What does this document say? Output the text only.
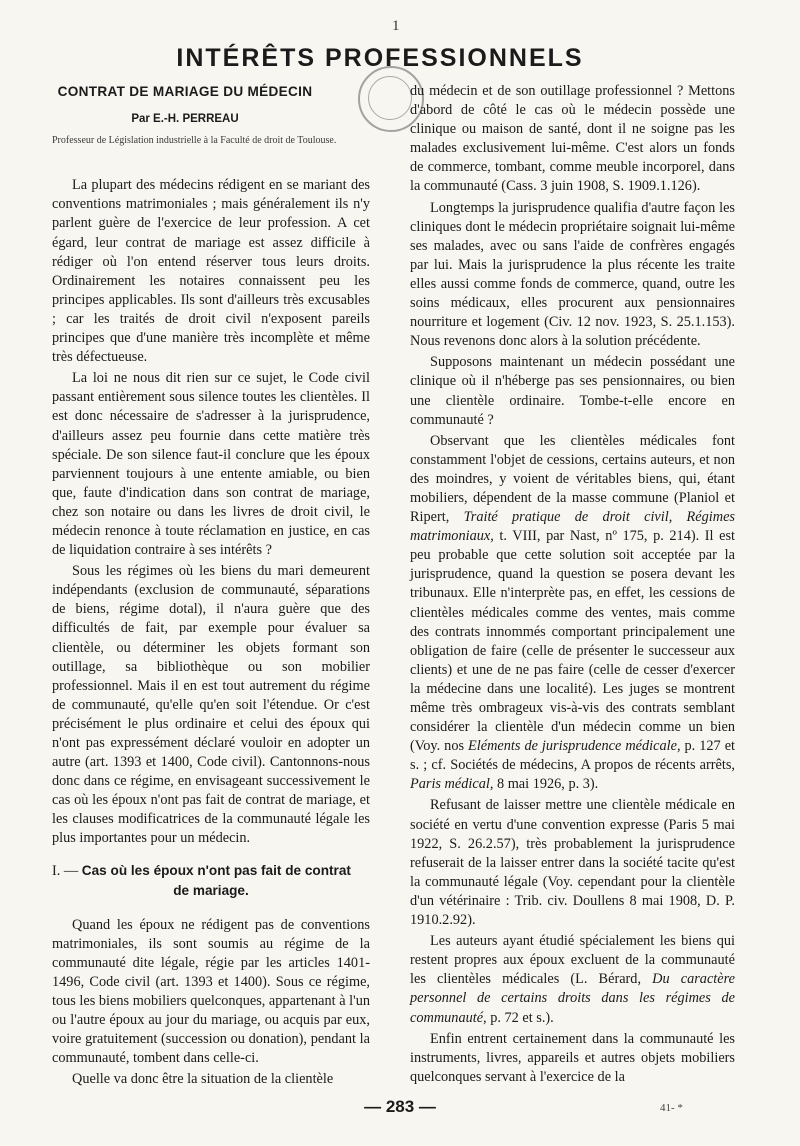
1
INTÉRÊTS PROFESSIONNELS
CONTRAT DE MARIAGE DU MÉDECIN
Par E.-H. PERREAU
Professeur de Législation industrielle à la Faculté de droit de Toulouse.

La plupart des médecins rédigent en se mariant des conventions matrimoniales ; mais généralement ils n'y parlent guère de l'exercice de leur profession. A cet égard, leur contrat de mariage est assez difficile à rédiger où l'on entend réserver tous leurs droits. Ordinairement les notaires connaissent peu les principes applicables. Ils sont d'ailleurs très excusables ; car les traités de droit civil n'exposent pareils principes que d'une manière très incomplète et même très défectueuse.

La loi ne nous dit rien sur ce sujet, le Code civil passant entièrement sous silence toutes les clientèles. Il est donc nécessaire de s'adresser à la jurisprudence, d'ailleurs assez peu fournie dans cette matière très spéciale. De son silence faut-il conclure que les époux parviennent toujours à une entente amiable, ou bien que, faute d'indication dans son contrat de mariage, chez son notaire ou dans les livres de droit civil, le médecin renonce à toute réclamation en justice, en cas de liquidation contraire à ses intérêts ?

Sous les régimes où les biens du mari demeurent indépendants (exclusion de communauté, séparations de biens, régime dotal), il n'aura guère que des difficultés de fait, par exemple pour évaluer sa clientèle, ou déterminer les objets formant son outillage, sa bibliothèque ou son mobilier professionnel. Mais il en est tout autrement du régime de communauté, qu'elle qu'en soit l'étendue. Or c'est précisément le plus ordinaire et celui des époux qui n'ont pas expressément déclaré vouloir en adopter un autre (art. 1393 et 1400, Code civil). Cantonnons-nous donc dans ce régime, en envisageant successivement le cas où les époux n'ont pas fait de contrat de mariage, et les clauses modificatrices de la communauté légale les plus importantes pour un médecin.

I. — Cas où les époux n'ont pas fait de contrat
de mariage.

Quand les époux ne rédigent pas de conventions matrimoniales, ils sont soumis au régime de la communauté dite légale, régie par les articles 1401-1496, Code civil (art. 1393 et 1400). Sous ce régime, tous les biens mobiliers quelconques, appartenant à l'un ou l'autre époux au jour du mariage, ou acquis par eux, voire gratuitement (succession ou donation), pendant la communauté, tombent dans celle-ci.

Quelle va donc être la situation de la clientèle

du médecin et de son outillage professionnel ? Mettons d'abord de côté le cas où le médecin possède une clinique ou maison de santé, dont il ne soigne pas les malades exclusivement lui-même. C'est alors un fonds de commerce, tombant, comme meuble incorporel, dans la communauté (Cass. 3 juin 1908, S. 1909.1.126).

Longtemps la jurisprudence qualifia d'autre façon les cliniques dont le médecin propriétaire soignait lui-même ses malades, avec ou sans l'aide de confrères engagés par lui. Mais la jurisprudence la plus récente les traite elles aussi comme fonds de commerce, quand, outre les soins médicaux, elles procurent aux pensionnaires nourriture et logement (Civ. 12 nov. 1923, S. 25.1.153). Nous revenons donc alors à la solution précédente.

Supposons maintenant un médecin possédant une clinique où il n'héberge pas ses pensionnaires, ou bien une clientèle ordinaire. Tombe-t-elle encore en communauté ?

Observant que les clientèles médicales font constamment l'objet de cessions, certains auteurs, et non des moindres, y voient de véritables biens, qui, étant mobiliers, dépendent de la masse commune (Planiol et Ripert, Traité pratique de droit civil, Régimes matrimoniaux, t. VIII, par Nast, nº 175, p. 214). Il est peu probable que cette solution soit acceptée par la jurisprudence, quand la question se posera devant les tribunaux. Elle n'interprète pas, en effet, les cessions de clientèles médicales comme des ventes, mais comme des contrats innommés comportant principalement une obligation de faire (celle de présenter le successeur aux clients) et une de ne pas faire (celle de cesser d'exercer la médecine dans une localité). Les juges se montrent même très ombrageux vis-à-vis des contrats semblant considérer la clientèle d'un médecin comme un bien (Voy. nos Eléments de jurisprudence médicale, p. 127 et s. ; cf. Sociétés de médecins, A propos de récents arrêts, Paris médical, 8 mai 1926, p. 3).

Refusant de laisser mettre une clientèle médicale en société en vertu d'une convention expresse (Paris 5 mai 1922, S. 26.2.57), très probablement la jurisprudence refuserait de la laisser entrer dans la société tacite qu'est la communauté légale (Voy. cependant pour la clientèle d'un vétérinaire : Trib. civ. Doullens 8 mai 1908, D. P. 1910.2.92).

Les auteurs ayant étudié spécialement les biens qui restent propres aux époux excluent de la communauté les clientèles médicales (L. Bérard, Du caractère personnel de certains droits dans les régimes de communauté, p. 72 et s.).

Enfin entrent certainement dans la communauté les instruments, livres, appareils et autres objets mobiliers quelconques servant à l'exercice de la

— 283 —	41- *
